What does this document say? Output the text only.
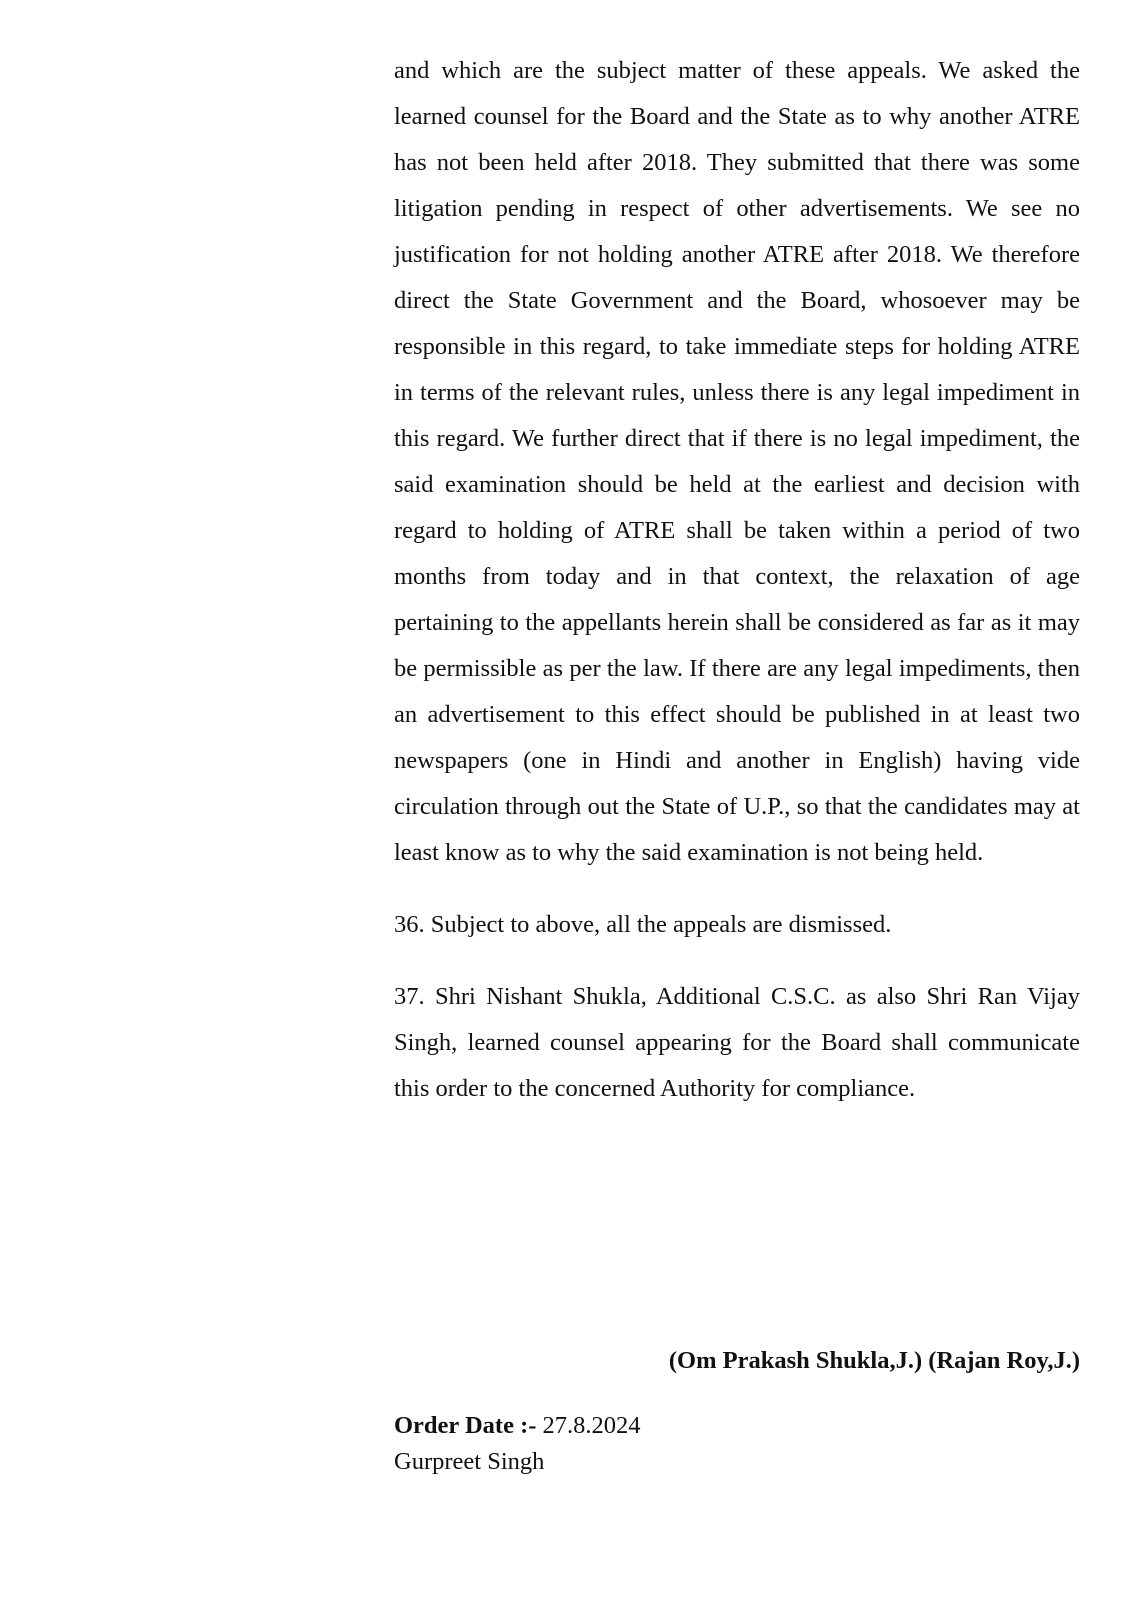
and which are the subject matter of these appeals. We asked the learned counsel for the Board and the State as to why another ATRE has not been held after 2018. They submitted that there was some litigation pending in respect of other advertisements. We see no justification for not holding another ATRE after 2018. We therefore direct the State Government and the Board, whosoever may be responsible in this regard, to take immediate steps for holding ATRE in terms of the relevant rules, unless there is any legal impediment in this regard. We further direct that if there is no legal impediment, the said examination should be held at the earliest and decision with regard to holding of ATRE shall be taken within a period of two months from today and in that context, the relaxation of age pertaining to the appellants herein shall be considered as far as it may be permissible as per the law. If there are any legal impediments, then an advertisement to this effect should be published in at least two newspapers (one in Hindi and another in English) having vide circulation through out the State of U.P., so that the candidates may at least know as to why the said examination is not being held.

36. Subject to above, all the appeals are dismissed.

37. Shri Nishant Shukla, Additional C.S.C. as also Shri Ran Vijay Singh, learned counsel appearing for the Board shall communicate this order to the concerned Authority for compliance.

(Om Prakash Shukla,J.) (Rajan Roy,J.)

Order Date :- 27.8.2024

Gurpreet Singh
